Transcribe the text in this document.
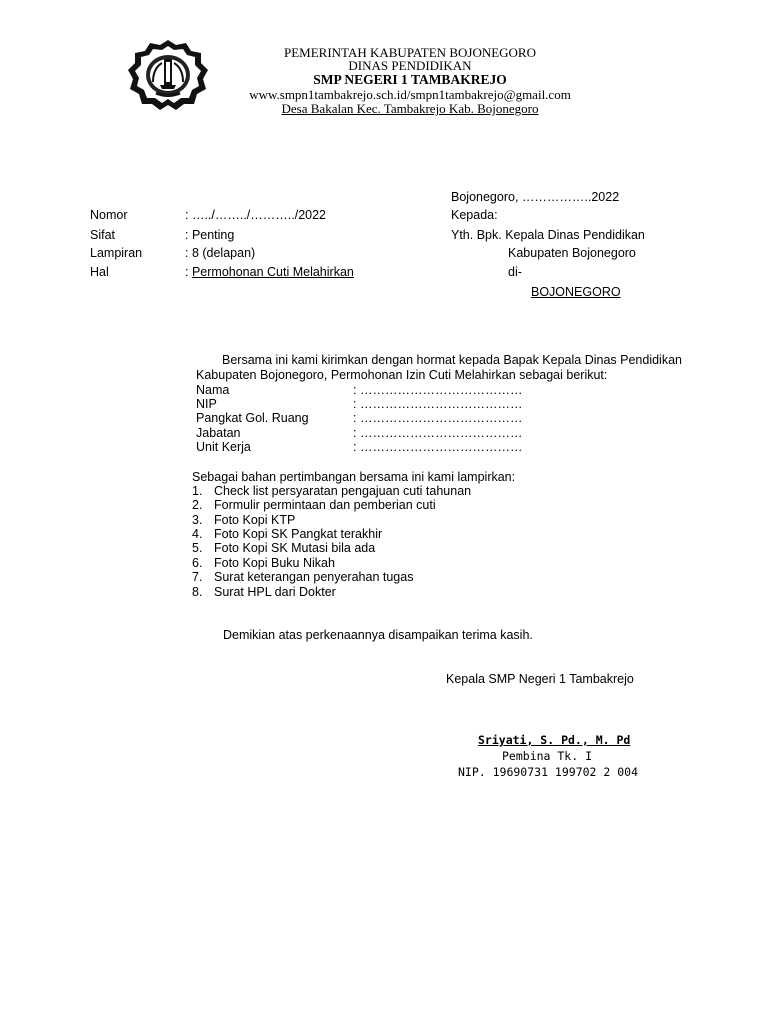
PEMERINTAH KABUPATEN BOJONEGORO
DINAS PENDIDIKAN
SMP NEGERI 1 TAMBAKREJO
www.smpn1tambakrejo.sch.id/smpn1tambakrejo@gmail.com
Desa Bakalan Kec. Tambakrejo Kab. Bojonegoro
Nomor	: …../……../………../2022
Sifat	: Penting
Lampiran	: 8 (delapan)
Hal	: Permohonan Cuti Melahirkan
Bojonegoro, ……………..2022
Kepada:
Yth. Bpk. Kepala Dinas Pendidikan
Kabupaten Bojonegoro
di-
BOJONEGORO
Bersama ini kami kirimkan dengan hormat kepada Bapak Kepala Dinas Pendidikan
Kabupaten Bojonegoro, Permohonan Izin Cuti Melahirkan sebagai berikut:
Nama	: …………………………………
NIP	: …………………………………
Pangkat Gol. Ruang	: …………………………………
Jabatan	: …………………………………
Unit Kerja	: …………………………………
Sebagai bahan pertimbangan bersama ini kami lampirkan:
1. Check list persyaratan pengajuan cuti tahunan
2. Formulir permintaan dan pemberian cuti
3. Foto Kopi KTP
4. Foto Kopi SK Pangkat terakhir
5. Foto Kopi SK Mutasi bila ada
6. Foto Kopi Buku Nikah
7. Surat keterangan penyerahan tugas
8. Surat HPL dari Dokter
Demikian atas perkenaannya disampaikan terima kasih.
Kepala SMP Negeri 1 Tambakrejo
Sriyati, S. Pd., M. Pd
Pembina Tk. I
NIP. 19690731 199702 2 004
